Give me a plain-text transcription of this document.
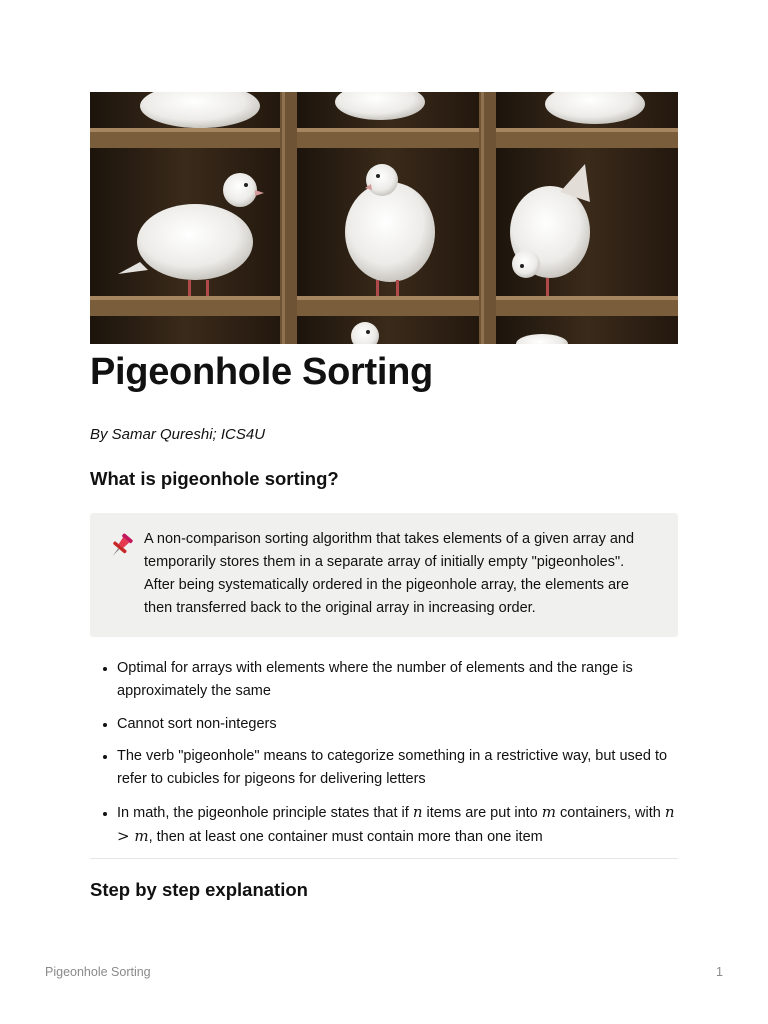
Pigeonhole Sorting

By Samar Qureshi; ICS4U

What is pigeonhole sorting?
A non-comparison sorting algorithm that takes elements of a given array and temporarily stores them in a separate array of initially empty "pigeonholes". After being systematically ordered in the pigeonhole array, the elements are then transferred back to the original array in increasing order.
• Optimal for arrays with elements where the number of elements and the range is approximately the same
• Cannot sort non-integers
• The verb "pigeonhole" means to categorize something in a restrictive way, but used to refer to cubicles for pigeons for delivering letters
• In math, the pigeonhole principle states that if n items are put into m containers, with n > m, then at least one container must contain more than one item
Step by step explanation
Pigeonhole Sorting	1
